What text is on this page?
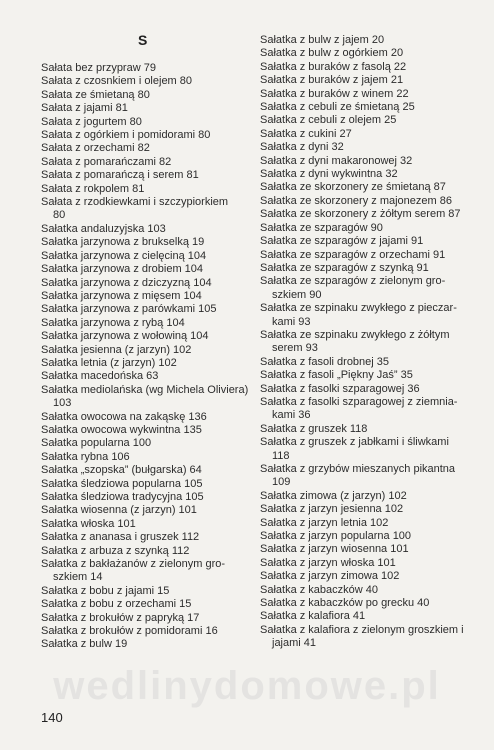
S
Sałata bez przypraw 79
Sałata z czosnkiem i olejem 80
Sałata ze śmietaną 80
Sałata z jajami 81
Sałata z jogurtem 80
Sałata z ogórkiem i pomidorami 80
Sałata z orzechami 82
Sałata z pomarańczami 82
Sałata z pomarańczą i serem 81
Sałata z rokpolem 81
Sałata z rzodkiewkami i szczypiorkiem
80
Sałatka andaluzyjska 103
Sałatka jarzynowa z brukselką 19
Sałatka jarzynowa z cielęciną 104
Sałatka jarzynowa z drobiem 104
Sałatka jarzynowa z dziczyzną 104
Sałatka jarzynowa z mięsem 104
Sałatka jarzynowa z parówkami 105
Sałatka jarzynowa z rybą 104
Sałatka jarzynowa z wołowiną 104
Sałatka jesienna (z jarzyn) 102
Sałatka letnia (z jarzyn) 102
Sałatka macedońska 63
Sałatka mediolańska (wg Michela Oliviera)
103
Sałatka owocowa na zakąskę 136
Sałatka owocowa wykwintna 135
Sałatka popularna 100
Sałatka rybna 106
Sałatka „szopska” (bułgarska) 64
Sałatka śledziowa popularna 105
Sałatka śledziowa tradycyjna 105
Sałatka wiosenna (z jarzyn) 101
Sałatka włoska 101
Sałatka z ananasa i gruszek 112
Sałatka z arbuza z szynką 112
Sałatka z bakłażanów z zielonym gro-
szkiem 14
Sałatka z bobu z jajami 15
Sałatka z bobu z orzechami 15
Sałatka z brokułów z papryką 17
Sałatka z brokułów z pomidorami 16
Sałatka z bulw 19
Sałatka z bulw z jajem 20
Sałatka z bulw z ogórkiem 20
Sałatka z buraków z fasolą 22
Sałatka z buraków z jajem 21
Sałatka z buraków z winem 22
Sałatka z cebuli ze śmietaną 25
Sałatka z cebuli z olejem 25
Sałatka z cukini 27
Sałatka z dyni 32
Sałatka z dyni makaronowej 32
Sałatka z dyni wykwintna 32
Sałatka ze skorzonery ze śmietaną 87
Sałatka ze skorzonery z majonezem 86
Sałatka ze skorzonery z żółtym serem 87
Sałatka ze szparagów 90
Sałatka ze szparagów z jajami 91
Sałatka ze szparagów z orzechami 91
Sałatka ze szparagów z szynką 91
Sałatka ze szparagów z zielonym gro-
szkiem 90
Sałatka ze szpinaku zwykłego z pieczar-
kami 93
Sałatka ze szpinaku zwykłego z żółtym
serem 93
Sałatka z fasoli drobnej 35
Sałatka z fasoli „Piękny Jaś” 35
Sałatka z fasolki szparagowej 36
Sałatka z fasolki szparagowej z ziemnia-
kami 36
Sałatka z gruszek 118
Sałatka z gruszek z jabłkami i śliwkami
118
Sałatka z grzybów mieszanych pikantna
109
Sałatka zimowa (z jarzyn) 102
Sałatka z jarzyn jesienna 102
Sałatka z jarzyn letnia 102
Sałatka z jarzyn popularna 100
Sałatka z jarzyn wiosenna 101
Sałatka z jarzyn włoska 101
Sałatka z jarzyn zimowa 102
Sałatka z kabaczków 40
Sałatka z kabaczków po grecku 40
Sałatka z kalafiora 41
Sałatka z kalafiora z zielonym groszkiem i
jajami 41
wedlinydomowe.pl
140
